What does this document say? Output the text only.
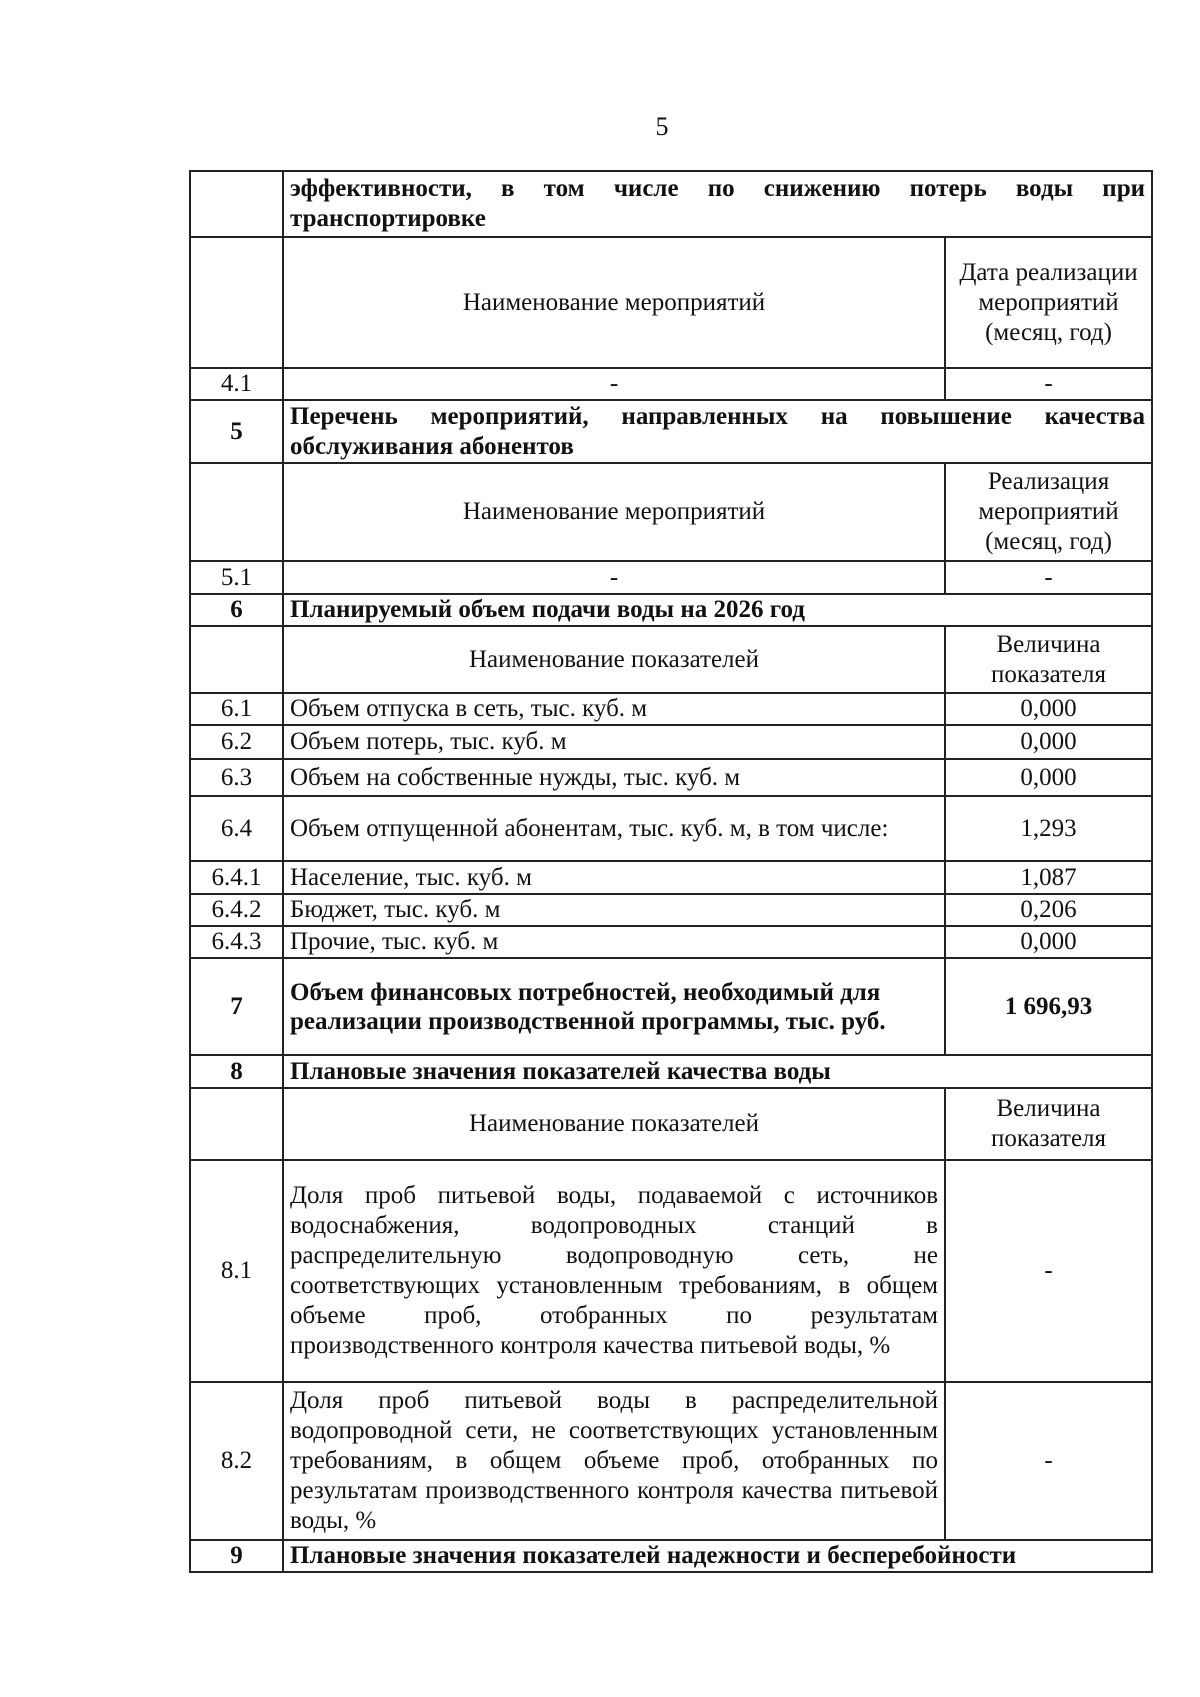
5
	эффективности, в том числе по снижению потерь воды при транспортировке	
	Наименование мероприятий	Дата реализации мероприятий (месяц, год)
4.1	-	-
5	Перечень мероприятий, направленных на повышение качества обслуживания абонентов	
	Наименование мероприятий	Реализация мероприятий (месяц, год)
5.1	-	-
6	Планируемый объем подачи воды на 2026 год	
	Наименование показателей	Величина показателя
6.1	Объем отпуска в сеть, тыс. куб. м	0,000
6.2	Объем потерь, тыс. куб. м	0,000
6.3	Объем на собственные нужды, тыс. куб. м	0,000
6.4	Объем отпущенной абонентам, тыс. куб. м, в том числе:	1,293
6.4.1	Население, тыс. куб. м	1,087
6.4.2	Бюджет, тыс. куб. м	0,206
6.4.3	Прочие, тыс. куб. м	0,000
7	Объем финансовых потребностей, необходимый для реализации производственной программы, тыс. руб.	1 696,93
8	Плановые значения показателей качества воды	
	Наименование показателей	Величина показателя
8.1	Доля проб питьевой воды, подаваемой с источников водоснабжения, водопроводных станций в распределительную водопроводную сеть, не соответствующих установленным требованиям, в общем объеме проб, отобранных по результатам производственного контроля качества питьевой воды, %	-
8.2	Доля проб питьевой воды в распределительной водопроводной сети, не соответствующих установленным требованиям, в общем объеме проб, отобранных по результатам производственного контроля качества питьевой воды, %	-
9	Плановые значения показателей надежности и бесперебойности	
